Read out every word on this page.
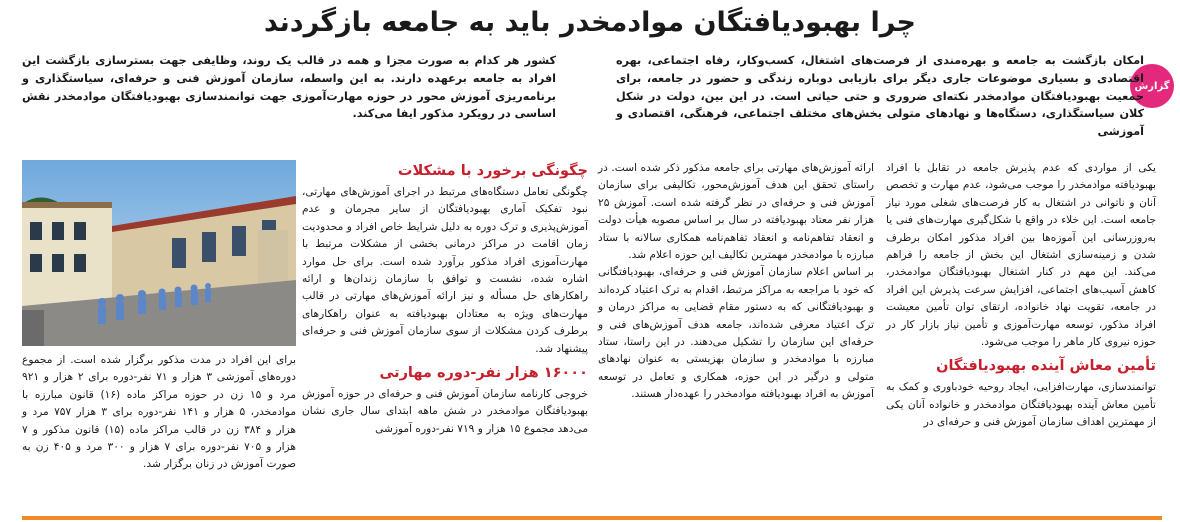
چرا بهبودیافتگان موادمخدر باید به جامعه بازگردند
گزارش
امکان بازگشت به جامعه و بهره‌مندی از فرصت‌های اشتغال، کسب‌وکار، رفاه اجتماعی، بهره اقتصادی و بسیاری موضوعات جاری دیگر برای بازیابی دوباره زندگی و حضور در جامعه، برای جمعیت بهبودیافتگان موادمخدر نکته‌ای ضروری و حتی حیاتی است. در این بین، دولت در شکل کلان سیاستگذاری، دستگاه‌ها و نهادهای متولی بخش‌های مختلف اجتماعی، فرهنگی، اقتصادی و آموزشی
کشور هر کدام به صورت مجزا و همه در قالب یک روند، وظایفی جهت بسترسازی بازگشت این افراد به جامعه برعهده دارند. به این واسطه، سازمان آموزش فنی و حرفه‌ای، سیاستگذاری و برنامه‌ریزی آموزش محور در حوزه مهارت‌آموزی جهت توانمندسازی بهبودیافتگان موادمخدر نقش اساسی در رویکرد مذکور ایفا می‌کند.

یکی از مواردی که عدم پذیرش جامعه در تقابل با افراد بهبودیافته موادمخدر را موجب می‌شود، عدم مهارت و تخصص آنان و ناتوانی در اشتغال به کار فرصت‌های شغلی مورد نیاز جامعه است. این خلاء در واقع با شکل‌گیری مهارت‌های فنی یا به‌روزرسانی این آموزه‌ها بین افراد مذکور امکان برطرف شدن و زمینه‌سازی اشتغال این بخش از جامعه را فراهم می‌کند. این مهم در کنار اشتغال بهبودیافتگان موادمخدر، کاهش آسیب‌های اجتماعی، افزایش سرعت پذیرش این افراد در جامعه، تقویت نهاد خانواده، ارتقای توان تأمین معیشت افراد مذکور، توسعه مهارت‌آموزی و تأمین نیاز بازار کار در حوزه نیروی کار ماهر را موجب می‌شود.

تأمین معاش آینده بهبودیافتگان

توانمندسازی، مهارت‌افزایی، ایجاد روحیه خودباوری و کمک به تأمین معاش آینده بهبودیافتگان موادمخدر و خانواده آنان یکی از مهمترین اهداف سازمان آموزش فنی و حرفه‌ای در

ارائه آموزش‌های مهارتی برای جامعه مذکور ذکر شده است. در راستای تحقق این هدف آموزش‌محور، تکالیفی برای سازمان آموزش فنی و حرفه‌ای در نظر گرفته شده است. آموزش ۲۵ هزار نفر معتاد بهبودیافته در سال بر اساس مصوبه هیأت دولت و انعقاد تفاهم‌نامه و انعقاد تفاهم‌نامه همکاری سالانه با ستاد مبارزه با موادمخدر مهمترین تکالیف این حوزه اعلام شد.

بر اساس اعلام سازمان آموزش فنی و حرفه‌ای، بهبودیافتگانی که خود با مراجعه به مراکز مرتبط، اقدام به ترک اعتیاد کرده‌اند و بهبودیافتگانی که به دستور مقام قضایی به مراکز درمان و ترک اعتیاد معرفی شده‌اند، جامعه هدف آموزش‌های فنی و حرفه‌ای این سازمان را تشکیل می‌دهند. در این راستا، ستاد مبارزه با موادمخدر و سازمان بهزیستی به عنوان نهادهای متولی و درگیر در این حوزه، همکاری و تعامل در توسعه آموزش به افراد بهبودیافته موادمخدر را عهده‌دار هستند.

چگونگی برخورد با مشکلات

چگونگی تعامل دستگاه‌های مرتبط در اجرای آموزش‌های مهارتی، نبود تفکیک آماری بهبودیافتگان از سایر مجرمان و عدم آموزش‌پذیری و ترک دوره به دلیل شرایط خاص افراد و محدودیت زمان اقامت در مراکز درمانی بخشی از مشکلات مرتبط با مهارت‌آموزی افراد مذکور برآورد شده است. برای حل موارد اشاره شده، نشست و توافق با سازمان زندان‌ها و ارائه راهکارهای حل مسأله و نیز ارائه آموزش‌های مهارتی در قالب مهارت‌های ویژه به معتادان بهبودیافته به عنوان راهکارهای برطرف کردن مشکلات از سوی سازمان آموزش فنی و حرفه‌ای پیشنهاد شد.

۱۶۰۰۰ هزار نفر-دوره مهارتی

خروجی کارنامه سازمان آموزش فنی و حرفه‌ای در حوزه آموزش بهبودیافتگان موادمخدر در شش ماهه ابتدای سال جاری نشان می‌دهد مجموع ۱۵ هزار و ۷۱۹ نفر-دوره آموزشی

برای این افراد در مدت مذکور برگزار شده است. از مجموع دوره‌های آموزشی ۳ هزار و ۷۱ نفر-دوره برای ۲ هزار و ۹۲۱ مرد و ۱۵ زن در حوزه مراکز ماده (۱۶) قانون مبارزه با موادمخدر، ۵ هزار و ۱۴۱ نفر-دوره برای ۳ هزار ۷۵۷ مرد و هزار و ۳۸۴ زن در قالب مراکز ماده (۱۵) قانون مذکور و ۷ هزار و ۷۰۵ نفر-دوره برای ۷ هزار و ۳۰۰ مرد و ۴۰۵ زن به صورت آموزش در زنان برگزار شد.
